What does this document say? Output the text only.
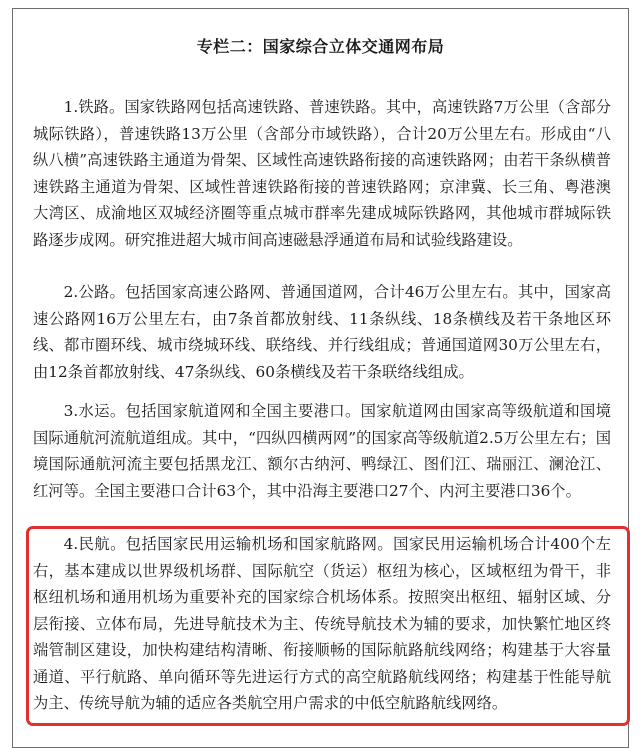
专栏二：国家综合立体交通网布局

1.铁路。国家铁路网包括高速铁路、普速铁路。其中，高速铁路7万公里（含部分城际铁路），普速铁路13万公里（含部分市域铁路），合计20万公里左右。形成由“八纵八横”高速铁路主通道为骨架、区域性高速铁路衔接的高速铁路网；由若干条纵横普速铁路主通道为骨架、区域性普速铁路衔接的普速铁路网；京津冀、长三角、粤港澳大湾区、成渝地区双城经济圈等重点城市群率先建成城际铁路网，其他城市群城际铁路逐步成网。研究推进超大城市间高速磁悬浮通道布局和试验线路建设。

2.公路。包括国家高速公路网、普通国道网，合计46万公里左右。其中，国家高速公路网16万公里左右，由7条首都放射线、11条纵线、18条横线及若干条地区环线、都市圈环线、城市绕城环线、联络线、并行线组成；普通国道网30万公里左右，由12条首都放射线、47条纵线、60条横线及若干条联络线组成。

3.水运。包括国家航道网和全国主要港口。国家航道网由国家高等级航道和国境国际通航河流航道组成。其中，“四纵四横两网”的国家高等级航道2.5万公里左右；国境国际通航河流主要包括黑龙江、额尔古纳河、鸭绿江、图们江、瑞丽江、澜沧江、红河等。全国主要港口合计63个，其中沿海主要港口27个、内河主要港口36个。

4.民航。包括国家民用运输机场和国家航路网。国家民用运输机场合计400个左右，基本建成以世界级机场群、国际航空（货运）枢纽为核心，区域枢纽为骨干，非枢纽机场和通用机场为重要补充的国家综合机场体系。按照突出枢纽、辐射区域、分层衔接、立体布局，先进导航技术为主、传统导航技术为辅的要求，加快繁忙地区终端管制区建设，加快构建结构清晰、衔接顺畅的国际航路航线网络；构建基于大容量通道、平行航路、单向循环等先进运行方式的高空航路航线网络；构建基于性能导航为主、传统导航为辅的适应各类航空用户需求的中低空航路航线网络。
